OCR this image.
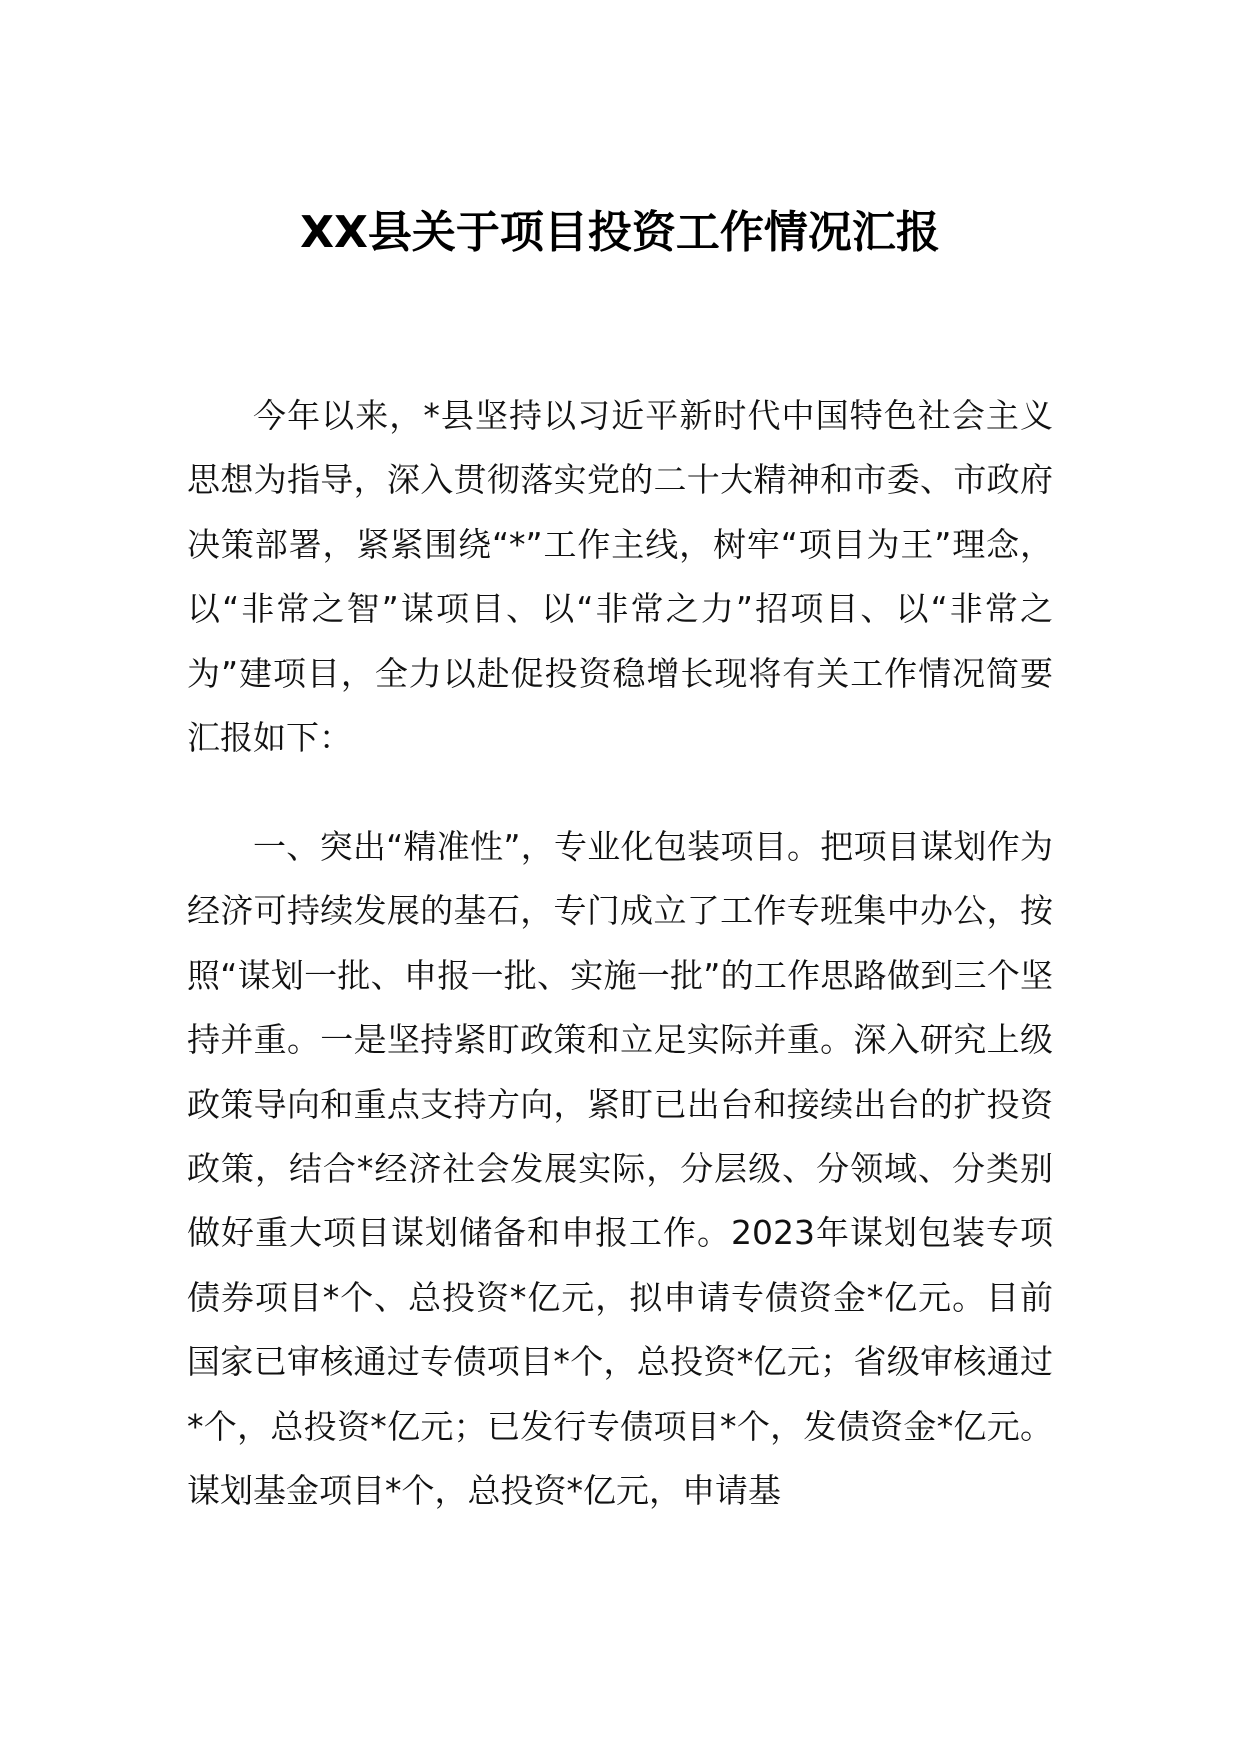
XX县关于项目投资工作情况汇报

今年以来，*县坚持以习近平新时代中国特色社会主义思想为指导，深入贯彻落实党的二十大精神和市委、市政府决策部署，紧紧围绕“*”工作主线，树牢“项目为王”理念，以“非常之智”谋项目、以“非常之力”招项目、以“非常之为”建项目，全力以赴促投资稳增长现将有关工作情况简要汇报如下：

一、突出“精准性”，专业化包装项目。把项目谋划作为经济可持续发展的基石，专门成立了工作专班集中办公，按照“谋划一批、申报一批、实施一批”的工作思路做到三个坚持并重。一是坚持紧盯政策和立足实际并重。深入研究上级政策导向和重点支持方向，紧盯已出台和接续出台的扩投资政策，结合*经济社会发展实际，分层级、分领域、分类别做好重大项目谋划储备和申报工作。2023年谋划包装专项债券项目*个、总投资*亿元，拟申请专债资金*亿元。目前国家已审核通过专债项目*个，总投资*亿元；省级审核通过*个，总投资*亿元；已发行专债项目*个，发债资金*亿元。谋划基金项目*个，总投资*亿元，申请基
